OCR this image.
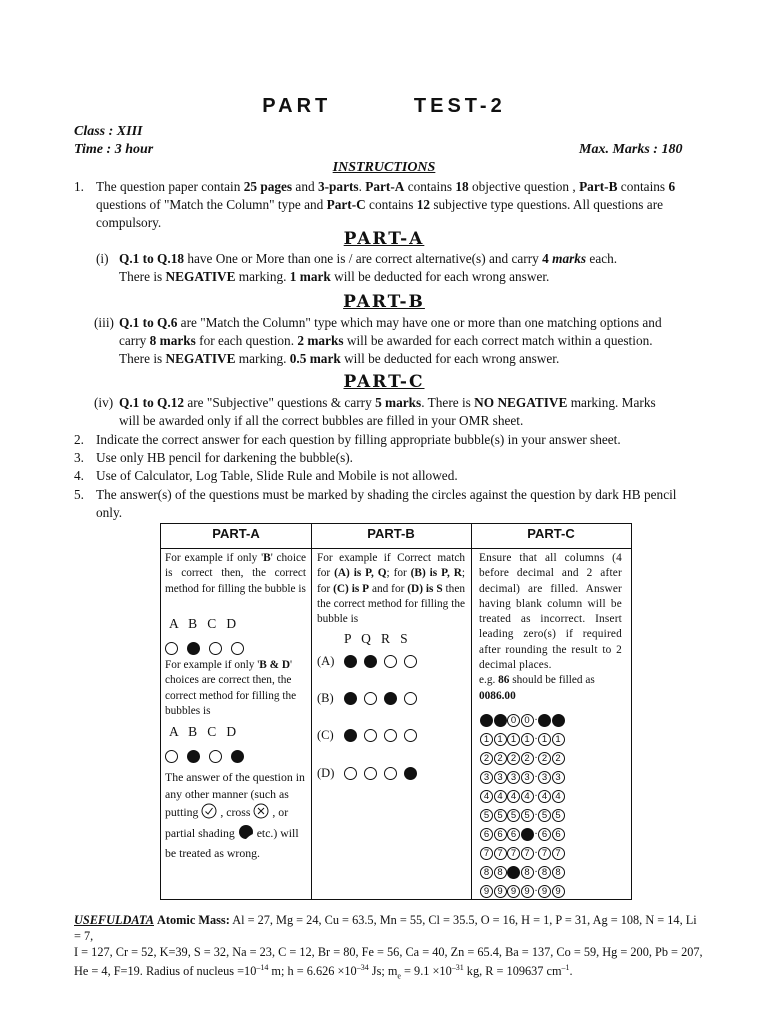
PART   TEST-2
Class : XIII
Time : 3 hour	Max. Marks : 180
INSTRUCTIONS
1. The question paper contain 25 pages and 3-parts. Part-A contains 18 objective question , Part-B contains 6

questions of "Match the Column" type and Part-C contains 12 subjective type questions. All questions are

compulsory.

PART-A
(i) Q.1 to Q.18 have One or More than one is / are correct alternative(s) and carry 4 marks each.

There is NEGATIVE marking. 1 mark will be deducted for each wrong answer.

PART-B
(iii) Q.1 to Q.6 are "Match the Column" type which may have one or more than one matching options and

carry 8 marks for each question. 2 marks will be awarded for each correct match within a question.

There is NEGATIVE marking. 0.5 mark will be deducted for each wrong answer.

PART-C
(iv) Q.1 to Q.12 are "Subjective" questions & carry 5 marks. There is NO NEGATIVE marking. Marks

will be awarded only if all the correct bubbles are filled in your OMR sheet.

2. Indicate the correct answer for each question by filling appropriate bubble(s) in your answer sheet.
3. Use only HB pencil for darkening the bubble(s).
4. Use of Calculator, Log Table, Slide Rule and Mobile is not allowed.
5. The answer(s) of the questions must be marked by shading the circles against the question by dark HB pencil
only.
PART-A
For example if only 'B' choice is correct then, the correct method for filling the bubble is
A   B   C   D
For example if only 'B & D' choices are correct then, the correct method for filling the bubbles is
A   B   C   D
The answer of the question in any other manner (such as putting , cross , or partial shading etc.) will be treated as wrong.
PART-B
For example if Correct match for (A) is P, Q; for (B) is P, R; for (C) is P and for (D) is S then the correct method for filling the bubble is
P   Q   R   S
(A)
(B)
(C)
(D)
PART-C
Ensure that all columns (4 before decimal and 2 after decimal) are filled. Answer having blank column will be treated as incorrect. Insert leading zero(s) if required after rounding the result to 2 decimal places.
e.g. 86 should be filled as
0086.00
0 0 0 0 · 0 0
1 1 1 1 · 1 1
2 2 2 2 · 2 2
3 3 3 3 · 3 3
4 4 4 4 · 4 4
5 5 5 5 · 5 5
6 6 6 6 · 6 6
7 7 7 7 · 7 7
8 8 8 8 · 8 8
9 9 9 9 · 9 9

USEFULDATA Atomic Mass: Al = 27, Mg = 24, Cu = 63.5, Mn = 55, Cl = 35.5, O = 16, H = 1, P = 31, Ag = 108, N = 14, Li = 7,

I = 127, Cr = 52, K=39, S = 32, Na = 23, C = 12, Br = 80, Fe = 56, Ca = 40, Zn = 65.4, Ba = 137, Co = 59, Hg = 200, Pb = 207,

He = 4, F=19. Radius of nucleus $=10^{-14}$ m; $h = 6.626 \times 10^{-34}$ Js; $m_e = 9.1 \times 10^{-31}$ kg, R = 109637 $cm^{-1}$.
